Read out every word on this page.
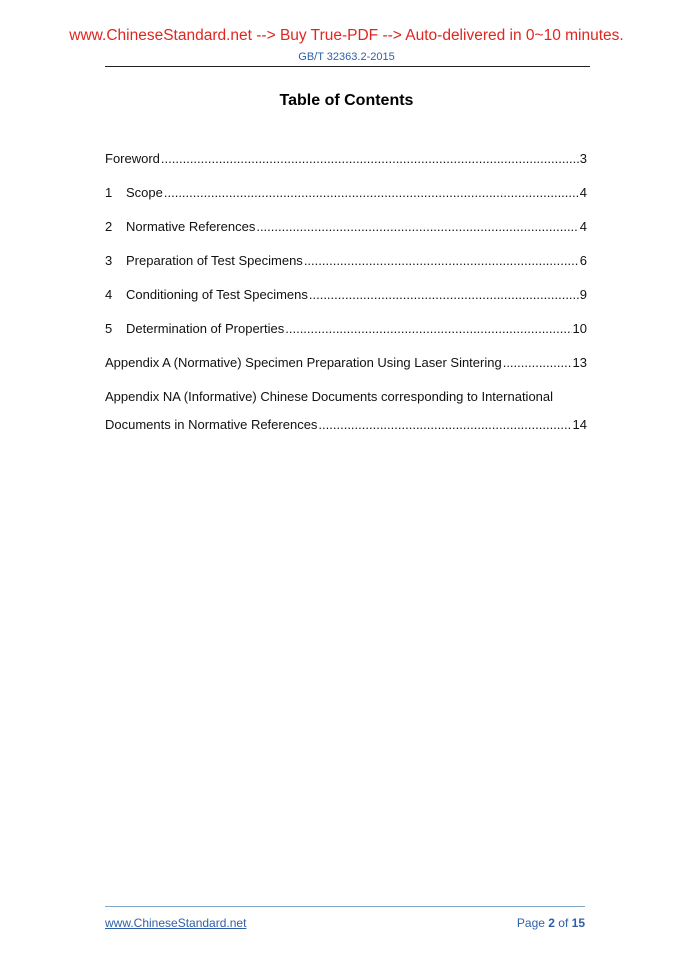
www.ChineseStandard.net --> Buy True-PDF --> Auto-delivered in 0~10 minutes.
GB/T 32363.2-2015
Table of Contents
Foreword .....	3
1	Scope .....	4
2	Normative References .....	4
3	Preparation of Test Specimens .....	6
4	Conditioning of Test Specimens .....	9
5	Determination of Properties .....	10
Appendix A (Normative) Specimen Preparation Using Laser Sintering .....	13
Appendix NA (Informative) Chinese Documents corresponding to International
Documents in Normative References .....	14
www.ChineseStandard.net	Page 2 of 15
